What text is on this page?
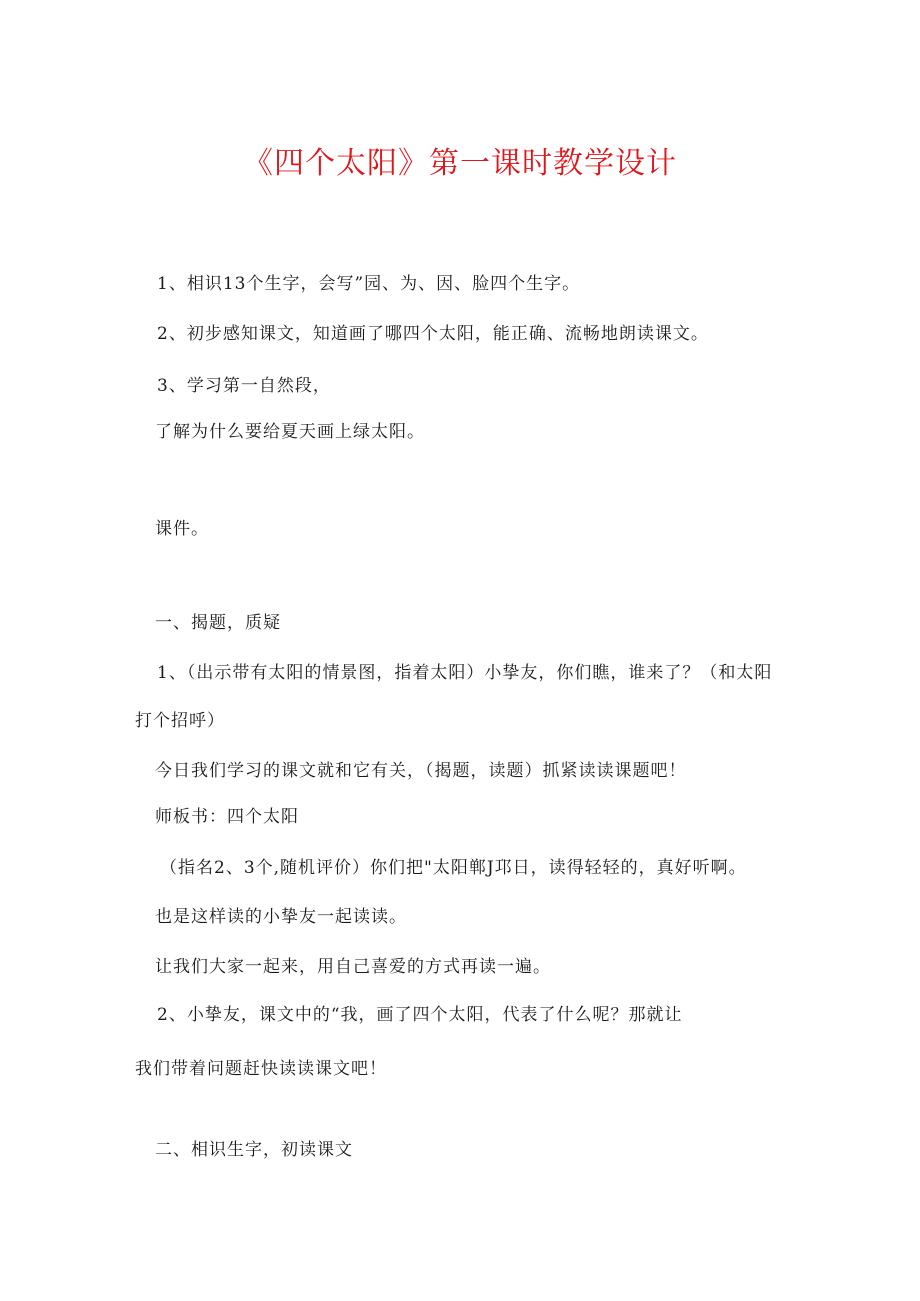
《四个太阳》第一课时教学设计
1、相识13个生字，会写”园、为、因、脸四个生字。
2、初步感知课文，知道画了哪四个太阳，能正确、流畅地朗读课文。
3、学习第一自然段，
了解为什么要给夏天画上绿太阳。
课件。
一、揭题，质疑
1、（出示带有太阳的情景图，指着太阳）小挚友，你们瞧，谁来了？（和太阳
打个招呼）
今日我们学习的课文就和它有关，（揭题，读题）抓紧读读课题吧！
师板书：四个太阳
（指名2、3个,随机评价）你们把"太阳郸J邛日，读得轻轻的，真好听啊。
也是这样读的小挚友一起读读。
让我们大家一起来，用自己喜爱的方式再读一遍。
2、小挚友，课文中的“我，画了四个太阳，代表了什么呢？那就让
我们带着问题赶快读读课文吧！
二、相识生字，初读课文
